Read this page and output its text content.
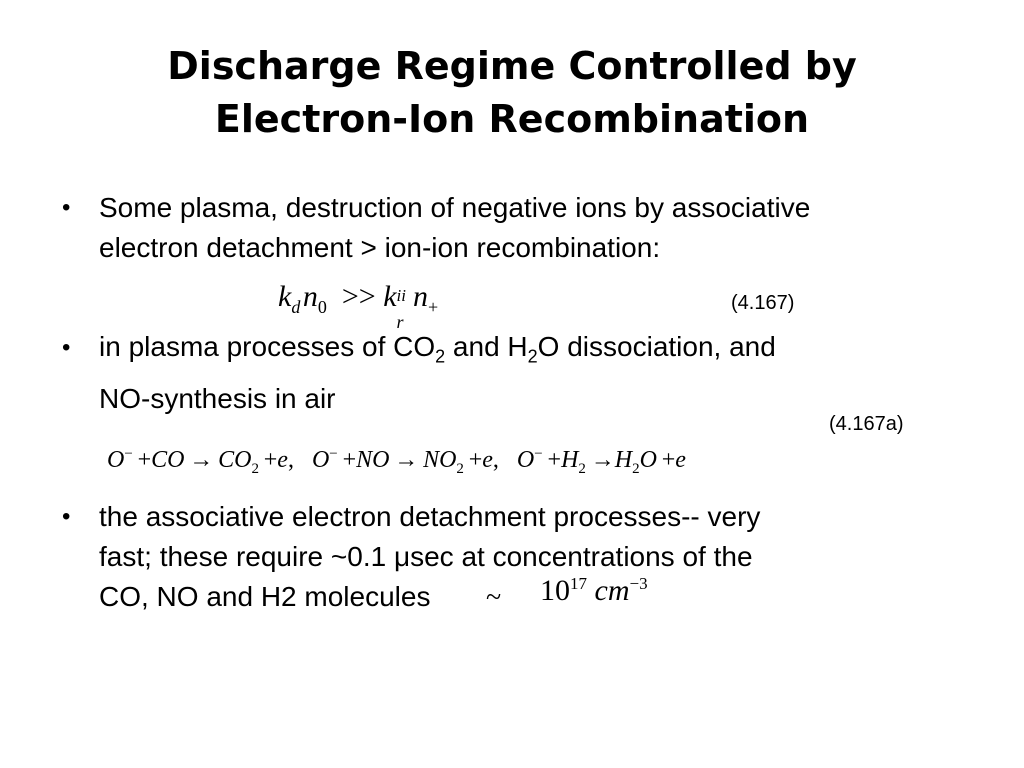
Discharge Regime Controlled by
Electron-Ion Recombination
• Some plasma, destruction of negative ions by associative
electron detachment > ion-ion recombination:
$k_d$ $n_0 >> k$ ii
r
 $n_+$	(4.167)
• in plasma processes of $CO_2$ and $H_2O$ dissociation, and
NO-synthesis in air
(4.167a)
$O^- +CO \to CO_2 +e$,   $O^- +NO \to NO_2 +e$,   $O^- +H_2 \to H_2O +e$
• the associative electron detachment processes-- very
fast; these require ~0.1 μsec at concentrations of the
CO, NO and H2 molecules ~ $10^{17}$ $cm^{-3}$
